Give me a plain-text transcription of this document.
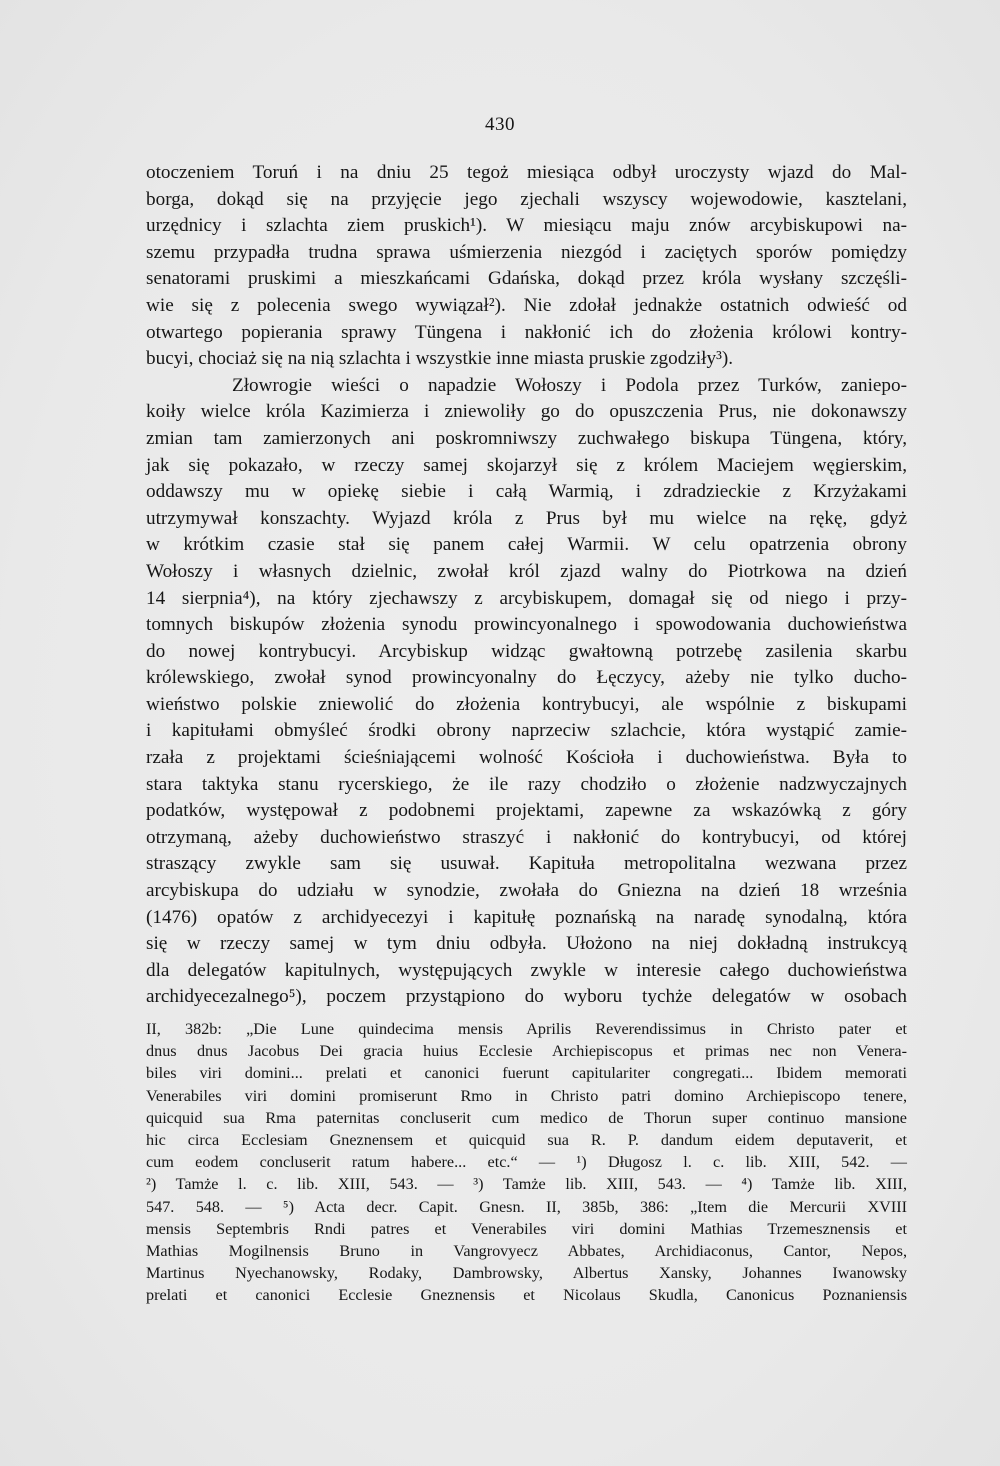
430
otoczeniem Toruń i na dniu 25 tegoż miesiąca odbył uroczysty wjazd do Mal-
borga, dokąd się na przyjęcie jego zjechali wszyscy wojewodowie, kasztelani,
urzędnicy i szlachta ziem pruskich¹). W miesiącu maju znów arcybiskupowi na-
szemu przypadła trudna sprawa uśmierzenia niezgód i zaciętych sporów pomiędzy
senatorami pruskimi a mieszkańcami Gdańska, dokąd przez króla wysłany szczęśli-
wie się z polecenia swego wywiązał²). Nie zdołał jednakże ostatnich odwieść od
otwartego popierania sprawy Tüngena i nakłonić ich do złożenia królowi kontry-
bucyi, chociaż się na nią szlachta i wszystkie inne miasta pruskie zgodziły³).
Złowrogie wieści o napadzie Wołoszy i Podola przez Turków, zaniepo-
koiły wielce króla Kazimierza i zniewoliły go do opuszczenia Prus, nie dokonawszy
zmian tam zamierzonych ani poskromniwszy zuchwałego biskupa Tüngena, który,
jak się pokazało, w rzeczy samej skojarzył się z królem Maciejem węgierskim,
oddawszy mu w opiekę siebie i całą Warmią, i zdradzieckie z Krzyżakami
utrzymywał konszachty. Wyjazd króla z Prus był mu wielce na rękę, gdyż
w krótkim czasie stał się panem całej Warmii. W celu opatrzenia obrony
Wołoszy i własnych dzielnic, zwołał król zjazd walny do Piotrkowa na dzień
14 sierpnia⁴), na który zjechawszy z arcybiskupem, domagał się od niego i przy-
tomnych biskupów złożenia synodu prowincyonalnego i spowodowania duchowieństwa
do nowej kontrybucyi. Arcybiskup widząc gwałtowną potrzebę zasilenia skarbu
królewskiego, zwołał synod prowincyonalny do Łęczycy, ażeby nie tylko ducho-
wieństwo polskie zniewolić do złożenia kontrybucyi, ale wspólnie z biskupami
i kapitułami obmyśleć środki obrony naprzeciw szlachcie, która wystąpić zamie-
rzała z projektami ścieśniającemi wolność Kościoła i duchowieństwa. Była to
stara taktyka stanu rycerskiego, że ile razy chodziło o złożenie nadzwyczajnych
podatków, występował z podobnemi projektami, zapewne za wskazówką z góry
otrzymaną, ażeby duchowieństwo straszyć i nakłonić do kontrybucyi, od której
straszący zwykle sam się usuwał. Kapituła metropolitalna wezwana przez
arcybiskupa do udziału w synodzie, zwołała do Gniezna na dzień 18 września
(1476) opatów z archidyecezyi i kapitułę poznańską na naradę synodalną, która
się w rzeczy samej w tym dniu odbyła. Ułożono na niej dokładną instrukcyą
dla delegatów kapitulnych, występujących zwykle w interesie całego duchowieństwa
archidyecezalnego⁵), poczem przystąpiono do wyboru tychże delegatów w osobach
II, 382b: „Die Lune quindecima mensis Aprilis Reverendissimus in Christo pater et
dnus dnus Jacobus Dei gracia huius Ecclesie Archiepiscopus et primas nec non Venera-
biles viri domini... prelati et canonici fuerunt capitulariter congregati... Ibidem memorati
Venerabiles viri domini promiserunt Rmo in Christo patri domino Archiepiscopo tenere,
quicquid sua Rma paternitas concluserit cum medico de Thorun super continuo mansione
hic circa Ecclesiam Gneznensem et quicquid sua R. P. dandum eidem deputaverit, et
cum eodem concluserit ratum habere... etc.“ — ¹) Długosz l. c. lib. XIII, 542. —
²) Tamże l. c. lib. XIII, 543. — ³) Tamże lib. XIII, 543. — ⁴) Tamże lib. XIII,
547. 548. — ⁵) Acta decr. Capit. Gnesn. II, 385b, 386: „Item die Mercurii XVIII
mensis Septembris Rndi patres et Venerabiles viri domini Mathias Trzemesznensis et
Mathias Mogilnensis Bruno in Vangrovyecz Abbates, Archidiaconus, Cantor, Nepos,
Martinus Nyechanowsky, Rodaky, Dambrowsky, Albertus Xansky, Johannes Iwanowsky
prelati et canonici Ecclesie Gneznensis et Nicolaus Skudla, Canonicus Poznaniensis
